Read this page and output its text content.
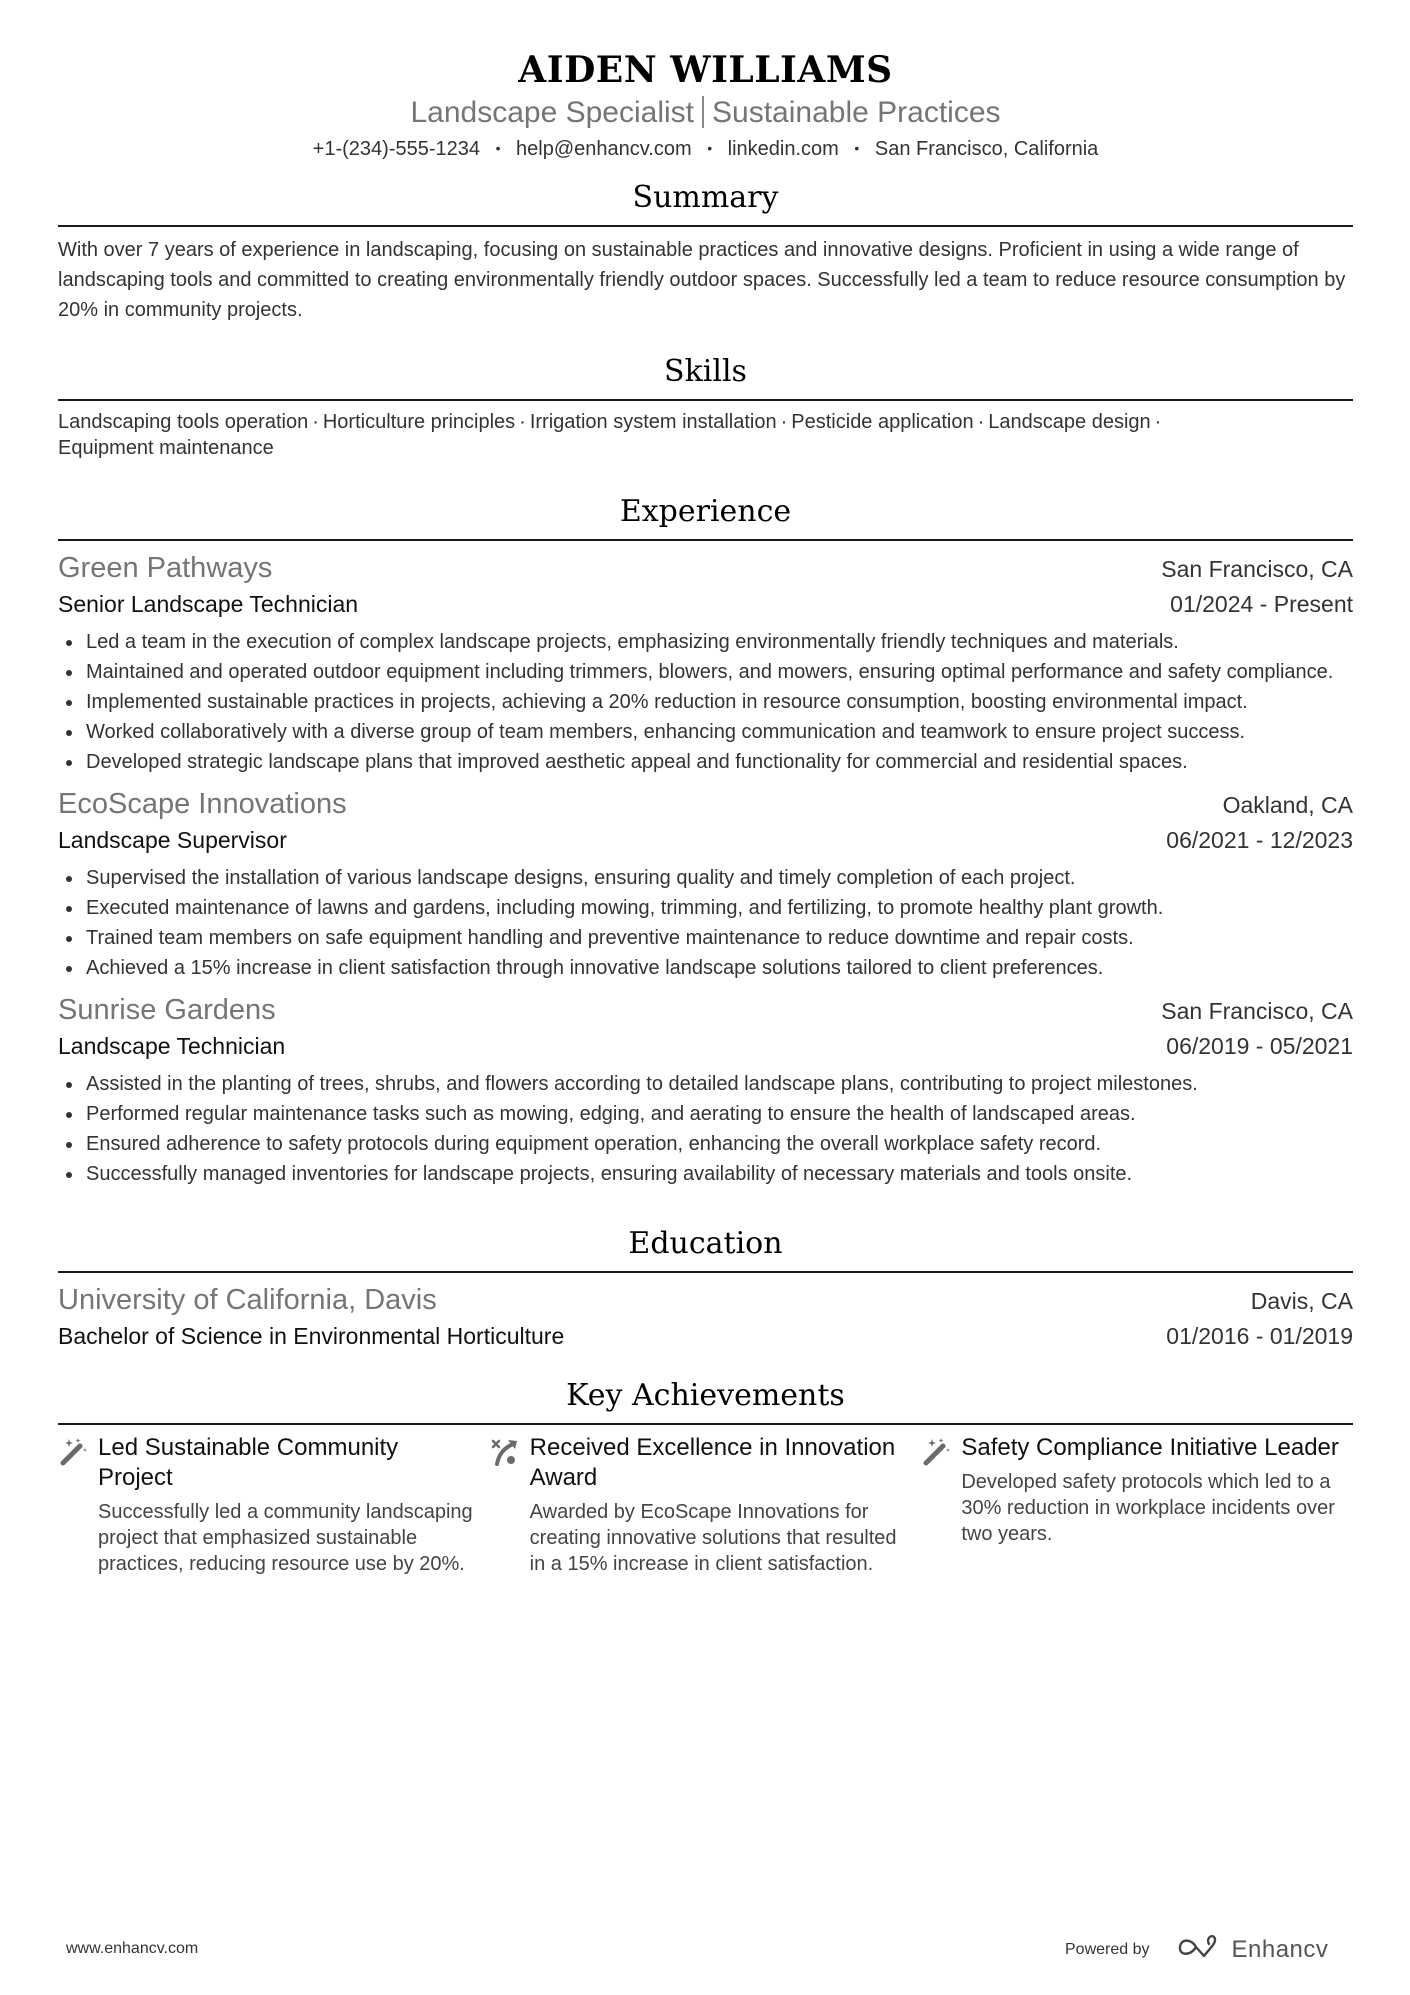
AIDEN WILLIAMS
Landscape Specialist Sustainable Practices
+1-(234)-555-1234 • help@enhancv.com • linkedin.com • San Francisco, California
Summary
With over 7 years of experience in landscaping, focusing on sustainable practices and innovative designs. Proficient in using a wide range of landscaping tools and committed to creating environmentally friendly outdoor spaces. Successfully led a team to reduce resource consumption by 20% in community projects.
Skills
Landscaping tools operation · Horticulture principles · Irrigation system installation · Pesticide application · Landscape design ·
Equipment maintenance
Experience
Green Pathways	San Francisco, CA
Senior Landscape Technician	01/2024 - Present
Led a team in the execution of complex landscape projects, emphasizing environmentally friendly techniques and materials.
Maintained and operated outdoor equipment including trimmers, blowers, and mowers, ensuring optimal performance and safety compliance.
Implemented sustainable practices in projects, achieving a 20% reduction in resource consumption, boosting environmental impact.
Worked collaboratively with a diverse group of team members, enhancing communication and teamwork to ensure project success.
Developed strategic landscape plans that improved aesthetic appeal and functionality for commercial and residential spaces.
EcoScape Innovations	Oakland, CA
Landscape Supervisor	06/2021 - 12/2023
Supervised the installation of various landscape designs, ensuring quality and timely completion of each project.
Executed maintenance of lawns and gardens, including mowing, trimming, and fertilizing, to promote healthy plant growth.
Trained team members on safe equipment handling and preventive maintenance to reduce downtime and repair costs.
Achieved a 15% increase in client satisfaction through innovative landscape solutions tailored to client preferences.
Sunrise Gardens	San Francisco, CA
Landscape Technician	06/2019 - 05/2021
Assisted in the planting of trees, shrubs, and flowers according to detailed landscape plans, contributing to project milestones.
Performed regular maintenance tasks such as mowing, edging, and aerating to ensure the health of landscaped areas.
Ensured adherence to safety protocols during equipment operation, enhancing the overall workplace safety record.
Successfully managed inventories for landscape projects, ensuring availability of necessary materials and tools onsite.
Education
University of California, Davis	Davis, CA
Bachelor of Science in Environmental Horticulture	01/2016 - 01/2019
Key Achievements
Led Sustainable Community Project
Successfully led a community landscaping project that emphasized sustainable practices, reducing resource use by 20%.
Received Excellence in Innovation Award
Awarded by EcoScape Innovations for creating innovative solutions that resulted in a 15% increase in client satisfaction.
Safety Compliance Initiative Leader
Developed safety protocols which led to a 30% reduction in workplace incidents over two years.
www.enhancv.com	Powered by	Enhancv
